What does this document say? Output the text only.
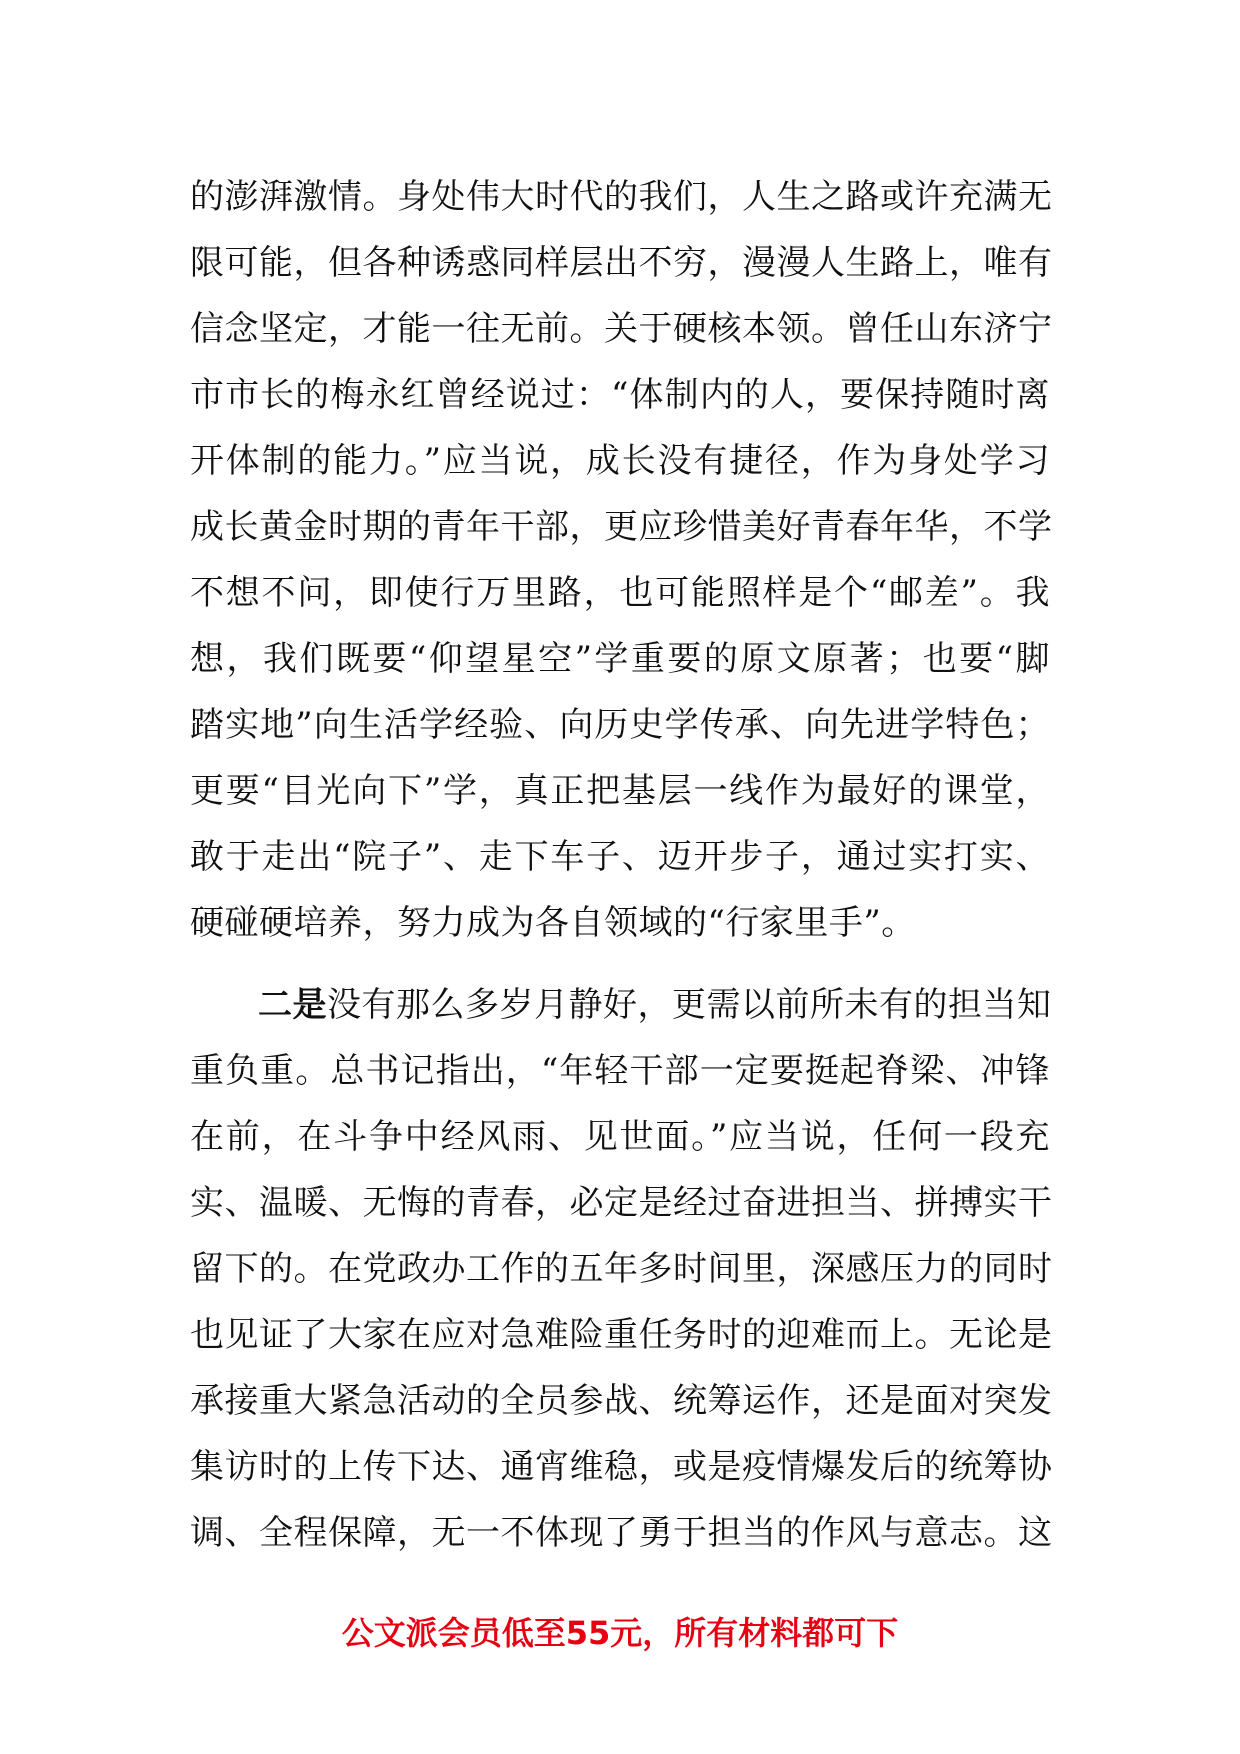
的澎湃激情。身处伟大时代的我们，人生之路或许充满无
限可能，但各种诱惑同样层出不穷，漫漫人生路上，唯有
信念坚定，才能一往无前。关于硬核本领。曾任山东济宁
市市长的梅永红曾经说过：“体制内的人，要保持随时离
开体制的能力。”应当说，成长没有捷径，作为身处学习
成长黄金时期的青年干部，更应珍惜美好青春年华，不学
不想不问，即使行万里路，也可能照样是个“邮差”。我
想，我们既要“仰望星空”学重要的原文原著；也要“脚
踏实地”向生活学经验、向历史学传承、向先进学特色；
更要“目光向下”学，真正把基层一线作为最好的课堂，
敢于走出“院子”、走下车子、迈开步子，通过实打实、
硬碰硬培养，努力成为各自领域的“行家里手”。
二是没有那么多岁月静好，更需以前所未有的担当知
重负重。总书记指出，“年轻干部一定要挺起脊梁、冲锋
在前，在斗争中经风雨、见世面。”应当说，任何一段充
实、温暖、无悔的青春，必定是经过奋进担当、拼搏实干
留下的。在党政办工作的五年多时间里，深感压力的同时
也见证了大家在应对急难险重任务时的迎难而上。无论是
承接重大紧急活动的全员参战、统筹运作，还是面对突发
集访时的上传下达、通宵维稳，或是疫情爆发后的统筹协
调、全程保障，无一不体现了勇于担当的作风与意志。这
公文派会员低至55元，所有材料都可下
